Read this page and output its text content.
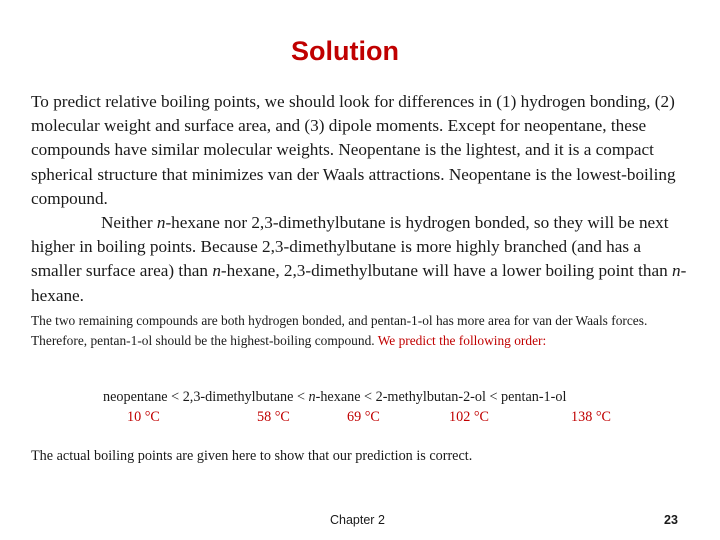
Solution
To predict relative boiling points, we should look for differences in (1) hydrogen bonding, (2) molecular weight and surface area, and (3) dipole moments. Except for neopentane, these compounds have similar molecular weights. Neopentane is the lightest, and it is a compact spherical structure that minimizes van der Waals attractions. Neopentane is the lowest-boiling compound.
Neither n-hexane nor 2,3-dimethylbutane is hydrogen bonded, so they will be next higher in boiling points. Because 2,3-dimethylbutane is more highly branched (and has a smaller surface area) than n-hexane, 2,3-dimethylbutane will have a lower boiling point than n-hexane.
The two remaining compounds are both hydrogen bonded, and pentan-1-ol has more area for van der Waals forces. Therefore, pentan-1-ol should be the highest-boiling compound. We predict the following order:
neopentane < 2,3-dimethylbutane < n-hexane < 2-methylbutan-2-ol < pentan-1-ol
10 °C	58 °C	69 °C	102 °C	138 °C
The actual boiling points are given here to show that our prediction is correct.
Chapter 2	23
